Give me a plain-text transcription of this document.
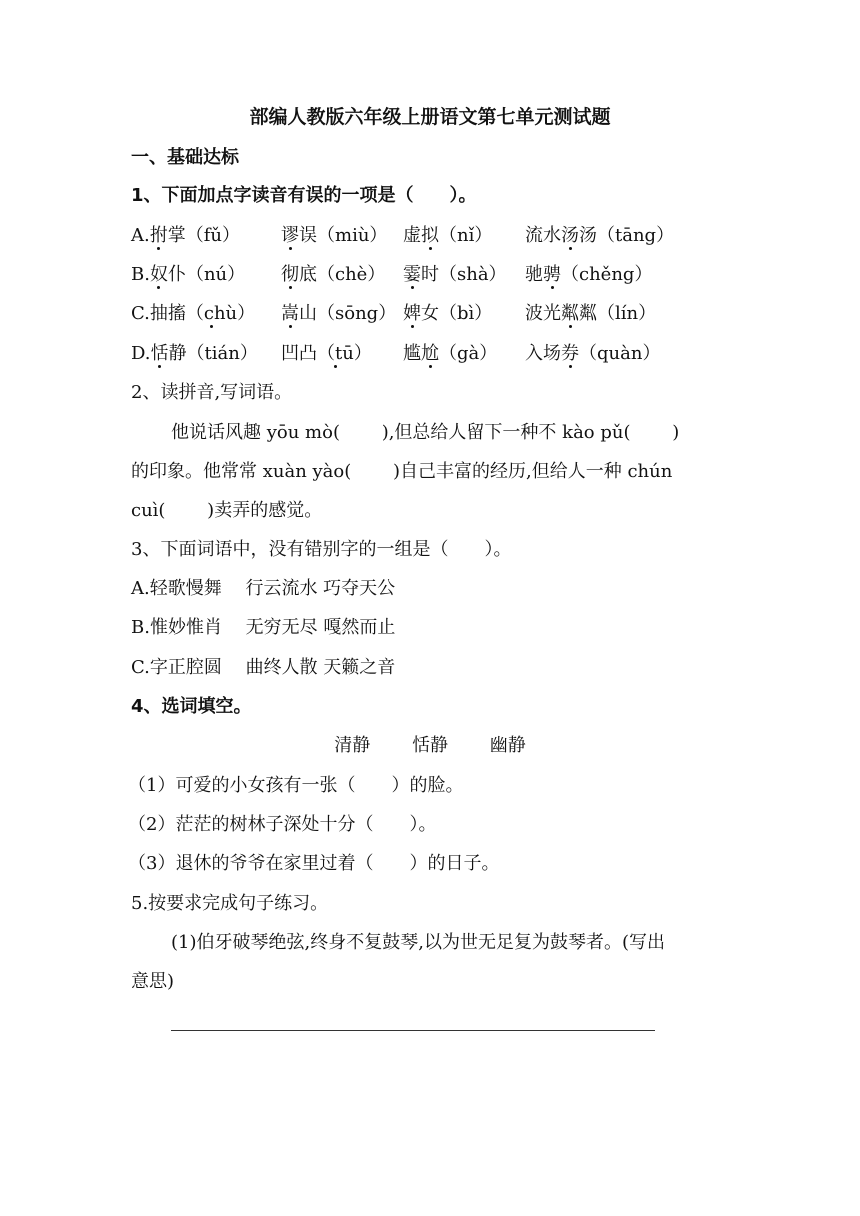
部编人教版六年级上册语文第七单元测试题
一、基础达标
1、下面加点字读音有误的一项是（　　）。
A.拊掌（fǔ） 谬误（miù） 虚拟（nǐ） 流水汤汤（tāng）
B.奴仆（nú） 彻底（chè） 霎时（shà） 驰骋（chěng）
C.抽搐（chù） 嵩山（sōng） 婢女（bì） 波光粼粼（lín）
D.恬静（tián） 凹凸（tū） 尴尬（gà） 入场券（quàn）
2、读拼音,写词语。
他说话风趣 yōu mò(　　 ),但总给人留下一种不 kào pǔ(　　 )
的印象。他常常 xuàn yào(　　 )自己丰富的经历,但给人一种 chún
cuì(　　 )卖弄的感觉。
3、下面词语中，没有错别字的一组是（　　）。
A.轻歌慢舞　 行云流水 巧夺天公
B.惟妙惟肖　 无穷无尽 嘎然而止
C.字正腔圆　 曲终人散 天籁之音
4、选词填空。
清静　　 恬静　　 幽静
（1）可爱的小女孩有一张（　　）的脸。
（2）茫茫的树林子深处十分（　　）。
（3）退休的爷爷在家里过着（　　）的日子。
5.按要求完成句子练习。
(1)伯牙破琴绝弦,终身不复鼓琴,以为世无足复为鼓琴者。(写出
意思)
